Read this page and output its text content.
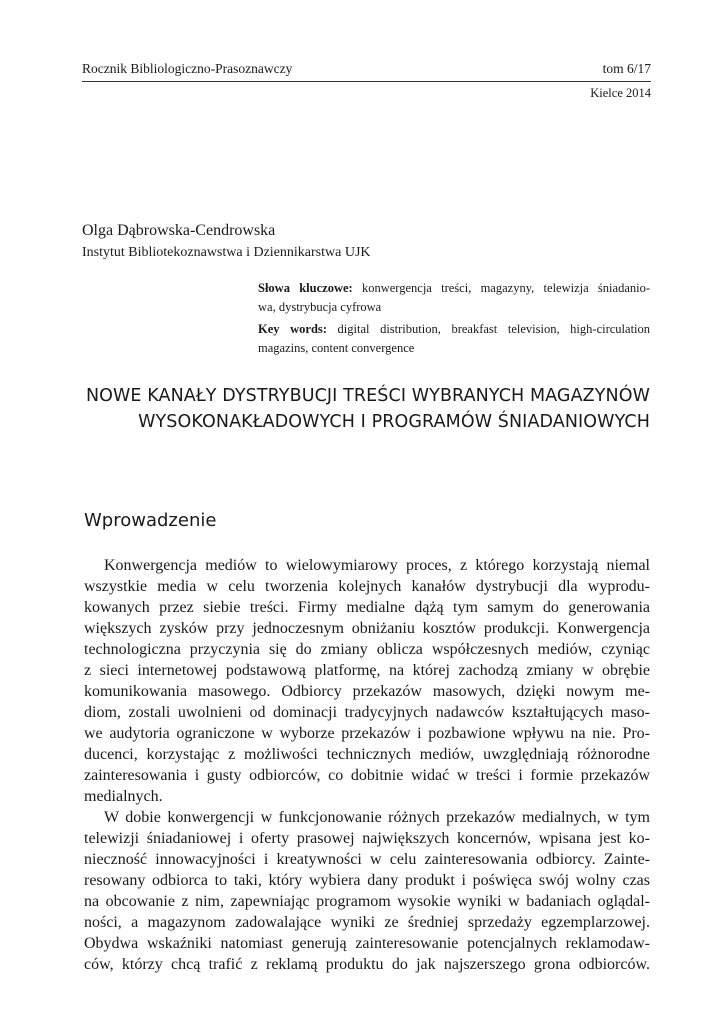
Rocznik Bibliologiczno-Prasoznawczy	tom 6/17
Kielce 2014
Olga Dąbrowska-Cendrowska
Instytut Bibliotekoznawstwa i Dziennikarstwa UJK
Słowa kluczowe: konwergencja treści, magazyny, telewizja śniadanio-
wa, dystrybucja cyfrowa
Key words: digital distribution, breakfast television, high-circulation
magazins, content convergence
NOWE KANAŁY DYSTRYBUCJI TREŚCI WYBRANYCH MAGAZYNÓW
WYSOKONAKŁADOWYCH I PROGRAMÓW ŚNIADANIOWYCH
Wprowadzenie
Konwergencja mediów to wielowymiarowy proces, z którego korzystają niemal
wszystkie media w celu tworzenia kolejnych kanałów dystrybucji dla wyprodu-
kowanych przez siebie treści. Firmy medialne dążą tym samym do generowania
większych zysków przy jednoczesnym obniżaniu kosztów produkcji. Konwergencja
technologiczna przyczynia się do zmiany oblicza współczesnych mediów, czyniąc
z sieci internetowej podstawową platformę, na której zachodzą zmiany w obrębie
komunikowania masowego. Odbiorcy przekazów masowych, dzięki nowym me-
diom, zostali uwolnieni od dominacji tradycyjnych nadawców kształtujących maso-
we audytoria ograniczone w wyborze przekazów i pozbawione wpływu na nie. Pro-
ducenci, korzystając z możliwości technicznych mediów, uwzględniają różnorodne
zainteresowania i gusty odbiorców, co dobitnie widać w treści i formie przekazów
medialnych.
W dobie konwergencji w funkcjonowanie różnych przekazów medialnych, w tym
telewizji śniadaniowej i oferty prasowej największych koncernów, wpisana jest ko-
nieczność innowacyjności i kreatywności w celu zainteresowania odbiorcy. Zainte-
resowany odbiorca to taki, który wybiera dany produkt i poświęca swój wolny czas
na obcowanie z nim, zapewniając programom wysokie wyniki w badaniach oglądal-
ności, a magazynom zadowalające wyniki ze średniej sprzedaży egzemplarzowej.
Obydwa wskaźniki natomiast generują zainteresowanie potencjalnych reklamodaw-
ców, którzy chcą trafić z reklamą produktu do jak najszerszego grona odbiorców.
